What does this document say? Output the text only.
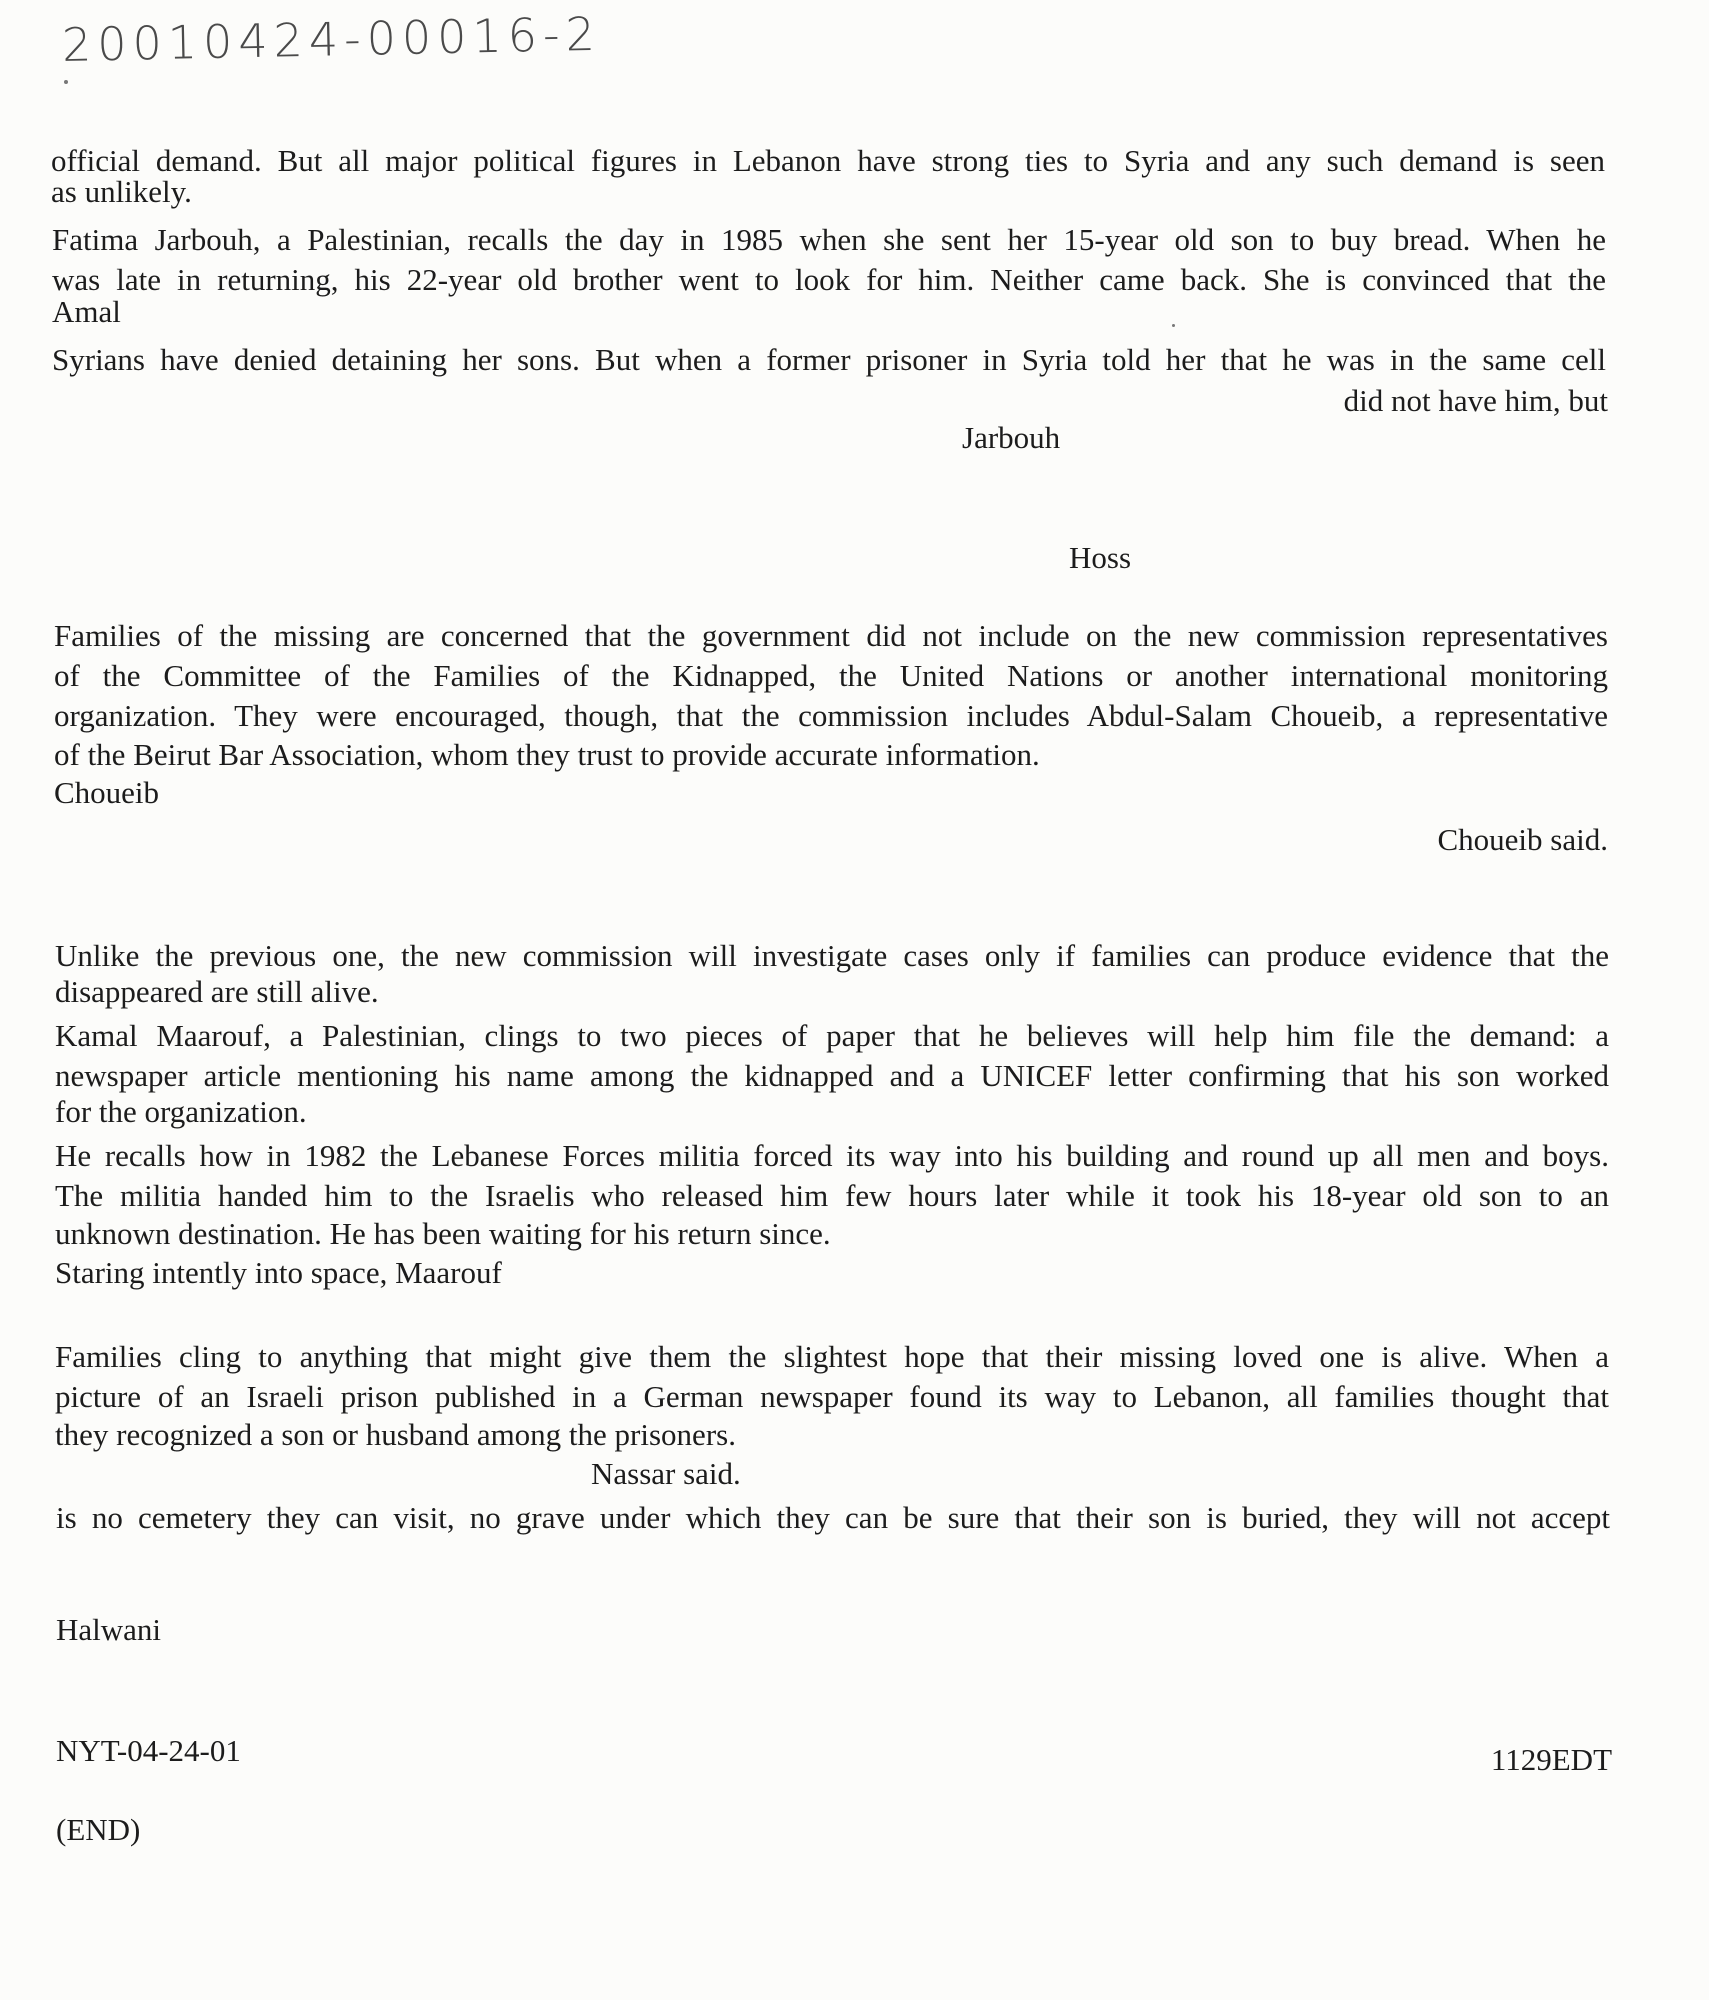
20010424-00016-2
official demand. But all major political figures in Lebanon have strong ties to Syria and any such demand is seen
as unlikely.
Fatima Jarbouh, a Palestinian, recalls the day in 1985 when she sent her 15-year old son to buy bread. When he
was late in returning, his 22-year old brother went to look for him. Neither came back. She is convinced that the
Amal
Syrians have denied detaining her sons. But when a former prisoner in Syria told her that he was in the same cell
did not have him, but
Jarbouh
Hoss
Families of the missing are concerned that the government did not include on the new commission representatives
of the Committee of the Families of the Kidnapped, the United Nations or another international monitoring
organization. They were encouraged, though, that the commission includes Abdul-Salam Choueib, a representative
of the Beirut Bar Association, whom they trust to provide accurate information.
Choueib
Choueib said.
Unlike the previous one, the new commission will investigate cases only if families can produce evidence that the
disappeared are still alive.
Kamal Maarouf, a Palestinian, clings to two pieces of paper that he believes will help him file the demand: a
newspaper article mentioning his name among the kidnapped and a UNICEF letter confirming that his son worked
for the organization.
He recalls how in 1982 the Lebanese Forces militia forced its way into his building and round up all men and boys.
The militia handed him to the Israelis who released him few hours later while it took his 18-year old son to an
unknown destination. He has been waiting for his return since.
Staring intently into space, Maarouf
Families cling to anything that might give them the slightest hope that their missing loved one is alive. When a
picture of an Israeli prison published in a German newspaper found its way to Lebanon, all families thought that
they recognized a son or husband among the prisoners.
Nassar said.
is no cemetery they can visit, no grave under which they can be sure that their son is buried, they will not accept
Halwani
NYT-04-24-01	1129EDT
(END)
